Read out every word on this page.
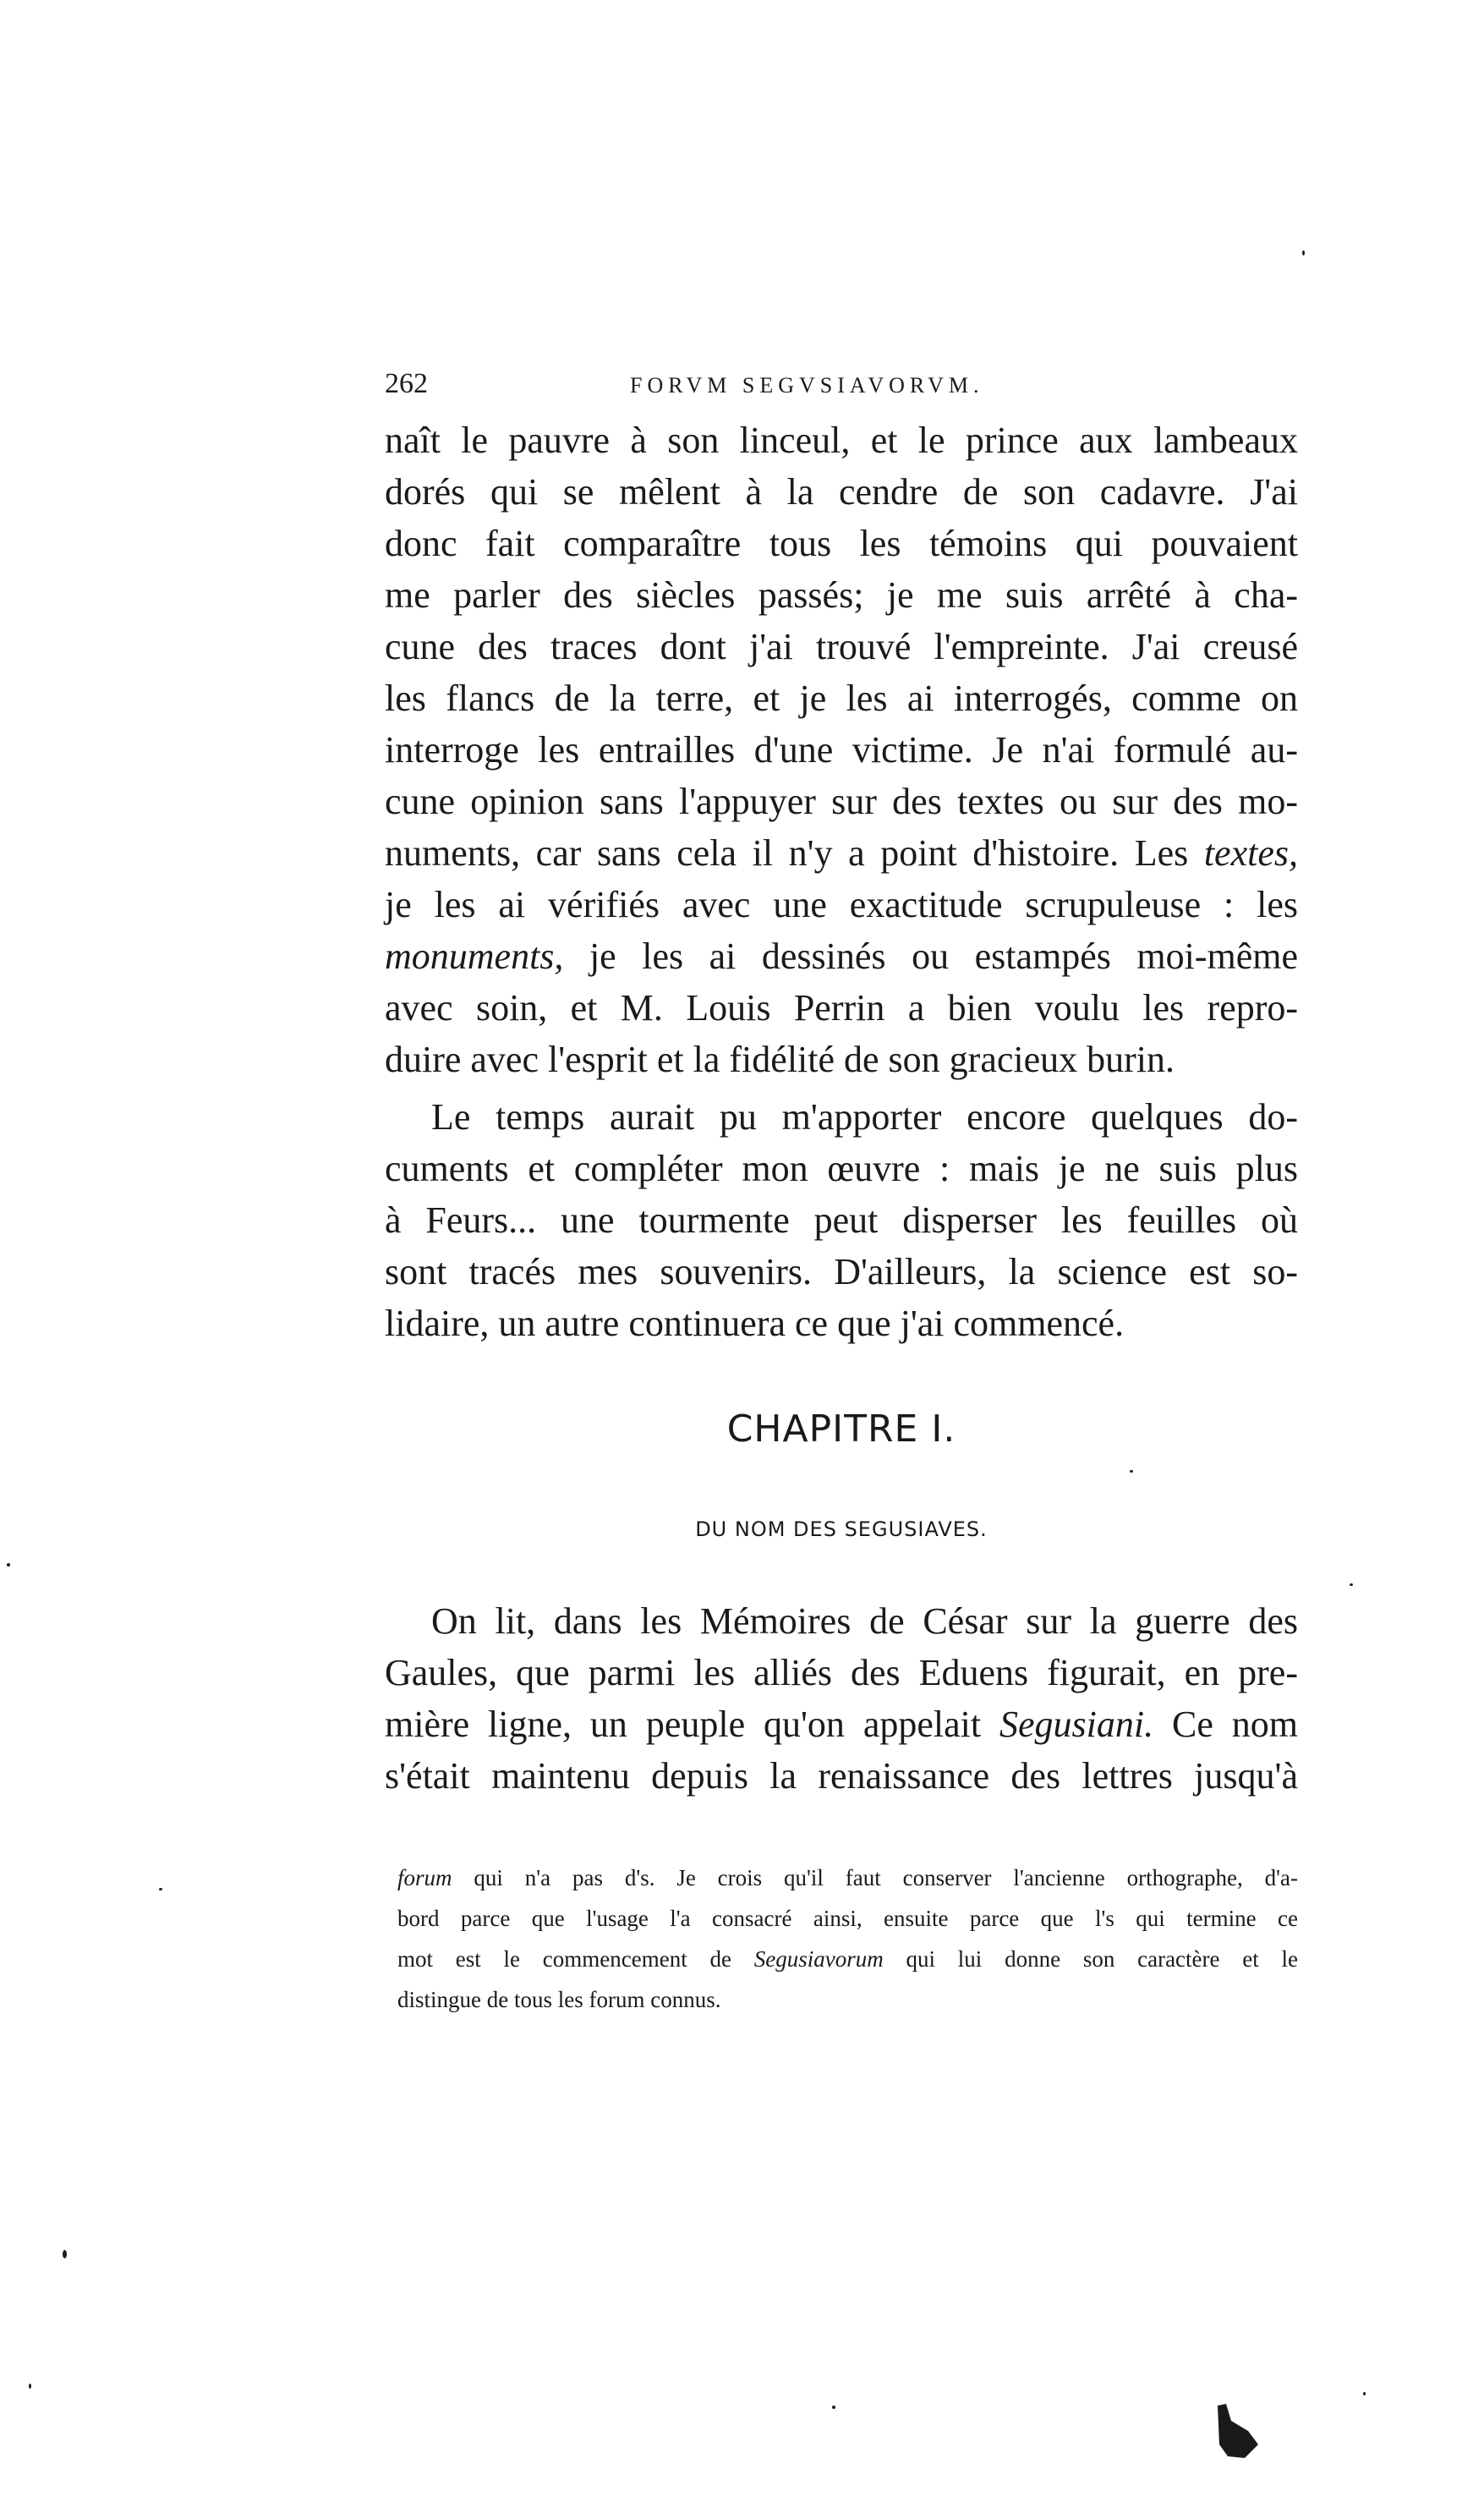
262	FORVM SEGVSIAVORVM.
naît le pauvre à son linceul, et le prince aux lambeaux
dorés qui se mêlent à la cendre de son cadavre. J'ai
donc fait comparaître tous les témoins qui pouvaient
me parler des siècles passés; je me suis arrêté à cha-
cune des traces dont j'ai trouvé l'empreinte. J'ai creusé
les flancs de la terre, et je les ai interrogés, comme on
interroge les entrailles d'une victime. Je n'ai formulé au-
cune opinion sans l'appuyer sur des textes ou sur des mo-
numents, car sans cela il n'y a point d'histoire. Les textes,
je les ai vérifiés avec une exactitude scrupuleuse : les
monuments, je les ai dessinés ou estampés moi-même
avec soin, et M. Louis Perrin a bien voulu les repro-
duire avec l'esprit et la fidélité de son gracieux burin.
Le temps aurait pu m'apporter encore quelques do-
cuments et compléter mon œuvre : mais je ne suis plus
à Feurs... une tourmente peut disperser les feuilles où
sont tracés mes souvenirs. D'ailleurs, la science est so-
lidaire, un autre continuera ce que j'ai commencé.
CHAPITRE I.
DU NOM DES SEGUSIAVES.
On lit, dans les Mémoires de César sur la guerre des
Gaules, que parmi les alliés des Eduens figurait, en pre-
mière ligne, un peuple qu'on appelait Segusiani. Ce nom
s'était maintenu depuis la renaissance des lettres jusqu'à
forum qui n'a pas d's. Je crois qu'il faut conserver l'ancienne orthographe, d'a-
bord parce que l'usage l'a consacré ainsi, ensuite parce que l's qui termine ce
mot est le commencement de Segusiavorum qui lui donne son caractère et le
distingue de tous les forum connus.
